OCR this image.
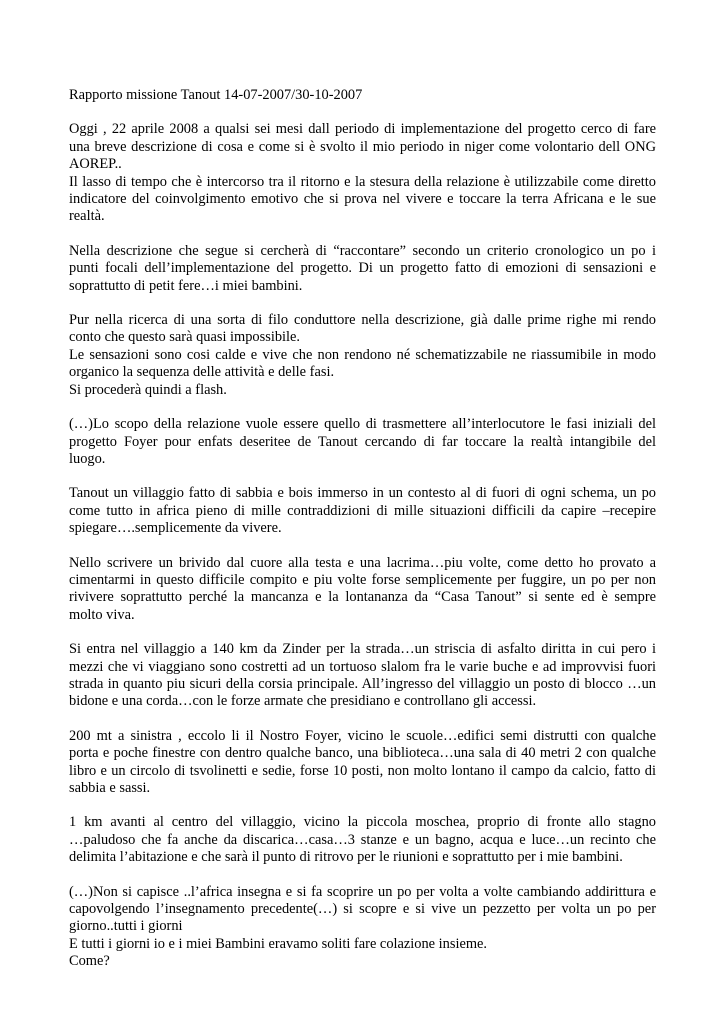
Rapporto missione Tanout 14-07-2007/30-10-2007
Oggi , 22 aprile 2008 a qualsi sei mesi dall periodo di implementazione del progetto cerco di fare
una breve descrizione di cosa e come si è svolto il mio periodo in niger come volontario dell ONG
AOREP..
Il lasso di tempo che è intercorso tra il ritorno e la stesura della relazione è utilizzabile come diretto
indicatore del coinvolgimento emotivo che si prova nel vivere e toccare la terra Africana e le sue
realtà.
Nella descrizione che segue si cercherà di “raccontare” secondo un criterio cronologico un po i
punti focali dell’implementazione del progetto. Di un progetto fatto di emozioni di sensazioni e
soprattutto di petit fere…i miei bambini.
Pur nella ricerca di una sorta di filo conduttore nella descrizione, già dalle prime righe mi rendo
conto che questo sarà quasi impossibile.
Le sensazioni sono cosi calde e vive che non rendono né schematizzabile ne riassumibile in modo
organico la sequenza delle attività e delle fasi.
Si procederà quindi a flash.
(…)Lo scopo della relazione vuole essere quello di trasmettere all’interlocutore le fasi iniziali del
progetto Foyer pour enfats deseritee de Tanout cercando di far toccare la realtà intangibile del
luogo.
Tanout un villaggio fatto di sabbia e bois immerso in un contesto al di fuori di ogni schema, un po
come tutto in africa pieno di mille contraddizioni di mille situazioni difficili da capire –recepire
spiegare….semplicemente da vivere.
Nello scrivere un brivido dal cuore alla testa e una lacrima…piu volte, come detto ho provato a
cimentarmi in questo difficile compito e piu volte forse semplicemente per fuggire, un po per non
rivivere soprattutto perché la mancanza e la lontananza da “Casa Tanout” si sente ed è sempre
molto viva.
Si entra nel villaggio a 140 km da Zinder per la strada…un striscia di asfalto diritta in cui pero i
mezzi che vi viaggiano sono costretti ad un tortuoso slalom fra le varie buche e ad improvvisi fuori
strada in quanto piu sicuri della corsia principale. All’ingresso del villaggio un posto di blocco …un
bidone e una corda…con le forze armate che presidiano e controllano gli accessi.
200 mt a sinistra , eccolo li il Nostro Foyer, vicino le scuole…edifici semi distrutti con qualche
porta e poche finestre con dentro qualche banco, una biblioteca…una sala di 40 metri 2 con qualche
libro e un circolo di tsvolinetti e sedie, forse 10 posti, non molto lontano il campo da calcio, fatto di
sabbia e sassi.
1 km avanti al centro del villaggio, vicino la piccola moschea, proprio di fronte allo stagno
…paludoso che fa anche da discarica…casa…3 stanze e un bagno, acqua e luce…un recinto che
delimita l’abitazione e che sarà il punto di ritrovo per le riunioni e soprattutto per i mie bambini.
(…)Non si capisce ..l’africa insegna e si fa scoprire un po per volta a volte cambiando addirittura e
capovolgendo l’insegnamento precedente(…) si scopre e si vive un pezzetto per volta un po per
giorno..tutti i giorni
E tutti i giorni io e i miei Bambini eravamo soliti fare colazione insieme.
Come?
